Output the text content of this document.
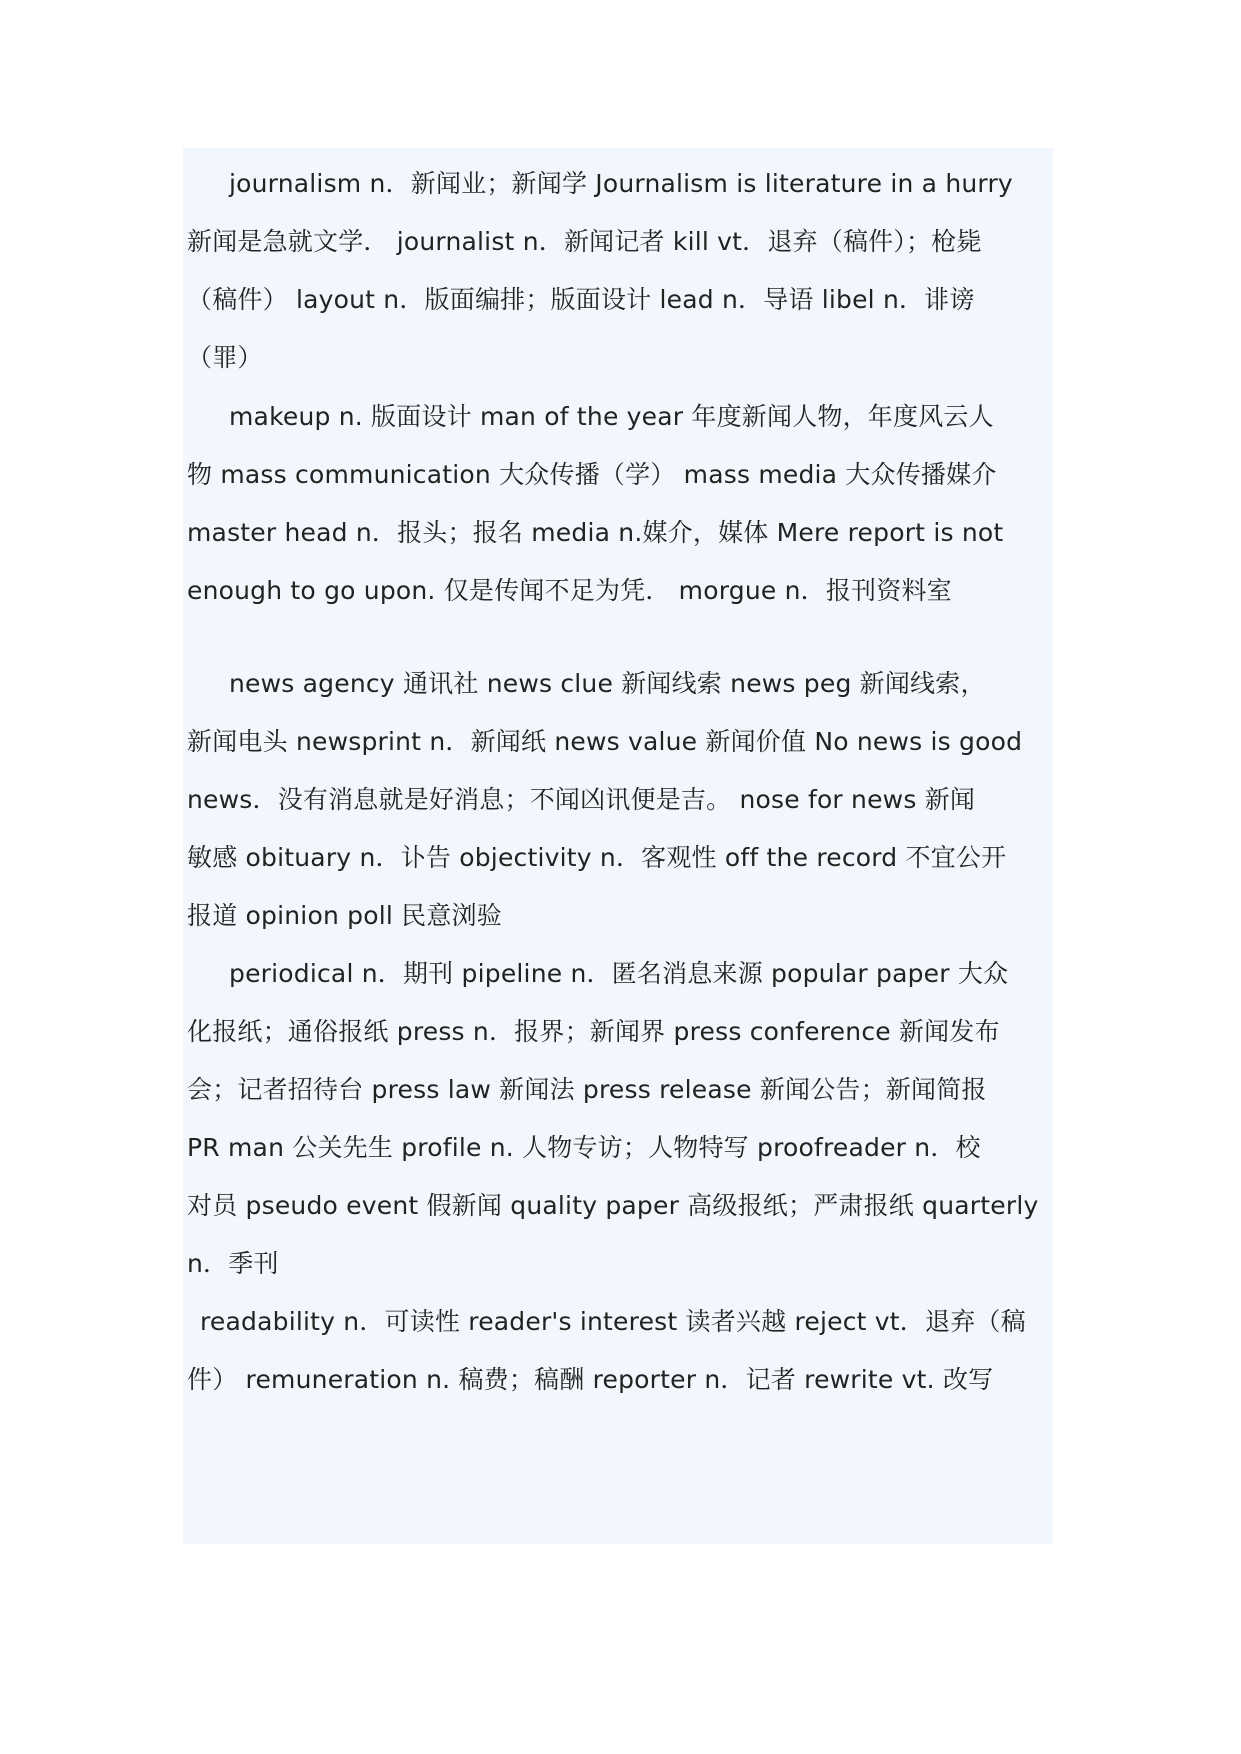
journalism n．新闻业；新闻学 Journalism is literature in a hurry
新闻是急就文学． journalist n．新闻记者 kill vt．退弃（稿件）；枪毙
（稿件） layout n．版面编排；版面设计 lead n．导语 libel n．诽谤
（罪）
makeup n. 版面设计 man of the year 年度新闻人物，年度风云人
物 mass communication 大众传播（学） mass media 大众传播媒介
master head n．报头；报名 media n.媒介，媒体 Mere report is not
enough to go upon. 仅是传闻不足为凭． morgue n．报刊资料室
news agency 通讯社 news clue 新闻线索 news peg 新闻线索，
新闻电头 newsprint n．新闻纸 news value 新闻价值 No news is good
news．没有消息就是好消息；不闻凶讯便是吉。 nose for news 新闻
敏感 obituary n．讣告 objectivity n．客观性 off the record 不宜公开
报道 opinion poll 民意浏验
periodical n．期刊 pipeline n．匿名消息来源 popular paper 大众
化报纸；通俗报纸 press n．报界；新闻界 press conference 新闻发布
会；记者招待台 press law 新闻法 press release 新闻公告；新闻简报
PR man 公关先生 profile n. 人物专访；人物特写 proofreader n．校
对员 pseudo event 假新闻 quality paper 高级报纸；严肃报纸 quarterly
n．季刊
readability n．可读性 reader's interest 读者兴越 reject vt．退弃（稿
件） remuneration n. 稿费；稿酬 reporter n．记者 rewrite vt. 改写
